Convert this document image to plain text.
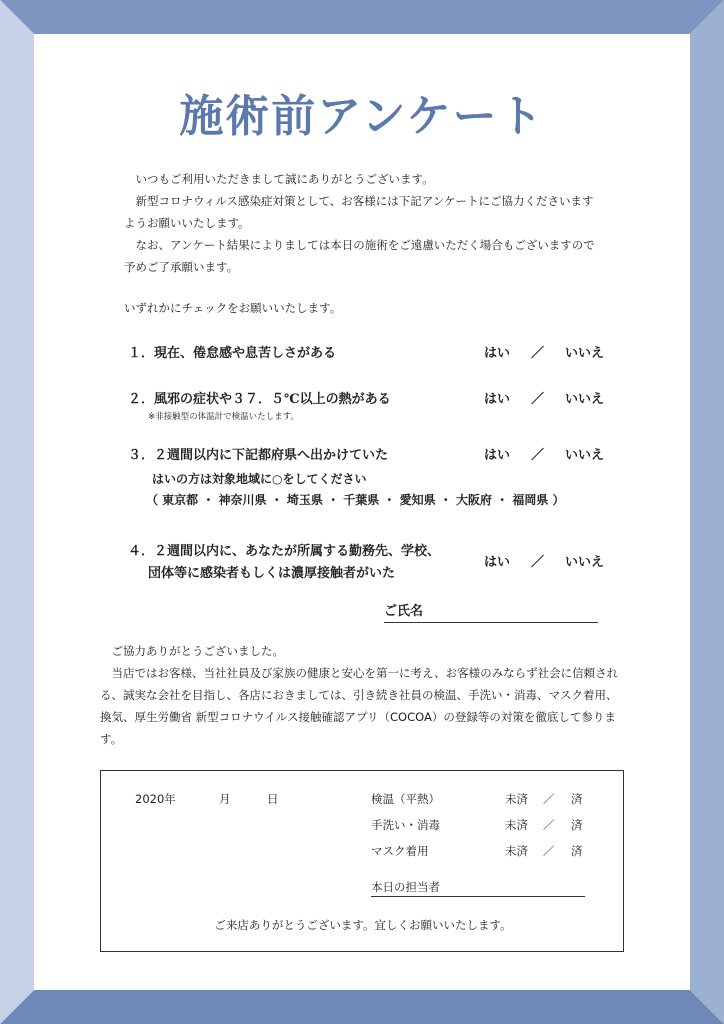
施術前アンケート

いつもご利用いただきまして誠にありがとうございます。

新型コロナウィルス感染症対策として、お客様には下記アンケートにご協力くださいますようお願いいたします。

なお、アンケート結果によりましては本日の施術をご遠慮いただく場合もございますので予めご了承願います。

いずれかにチェックをお願いいたします。
１．現在、倦怠感や息苦しさがある	はい ／ いいえ
２．風邪の症状や３７．５℃以上の熱がある	はい ／ いいえ
※非接触型の体温計で検温いたします。
３．２週間以内に下記都府県へ出かけていた	はい ／ いいえ
はいの方は対象地域に○をしてください
（ 東京都 ・ 神奈川県 ・ 埼玉県 ・ 千葉県 ・ 愛知県 ・ 大阪府 ・ 福岡県 ）
４．２週間以内に、あなたが所属する勤務先、学校、
団体等に感染者もしくは濃厚接触者がいた
はい ／ いいえ
ご氏名

ご協力ありがとうございました。

当店ではお客様、当社社員及び家族の健康と安心を第一に考え、お客様のみならず社会に信頼される、誠実な会社を目指し、各店におきましては、引き続き社員の検温、手洗い・消毒、マスク着用、換気、厚生労働省 新型コロナウイルス接触確認アプリ（COCOA）の登録等の対策を徹底して参ります。

2020年	月	日	検温（平熱）	未済 ／ 済
手洗い・消毒	未済 ／ 済
マスク着用	未済 ／ 済
本日の担当者
ご来店ありがとうございます。宜しくお願いいたします。
